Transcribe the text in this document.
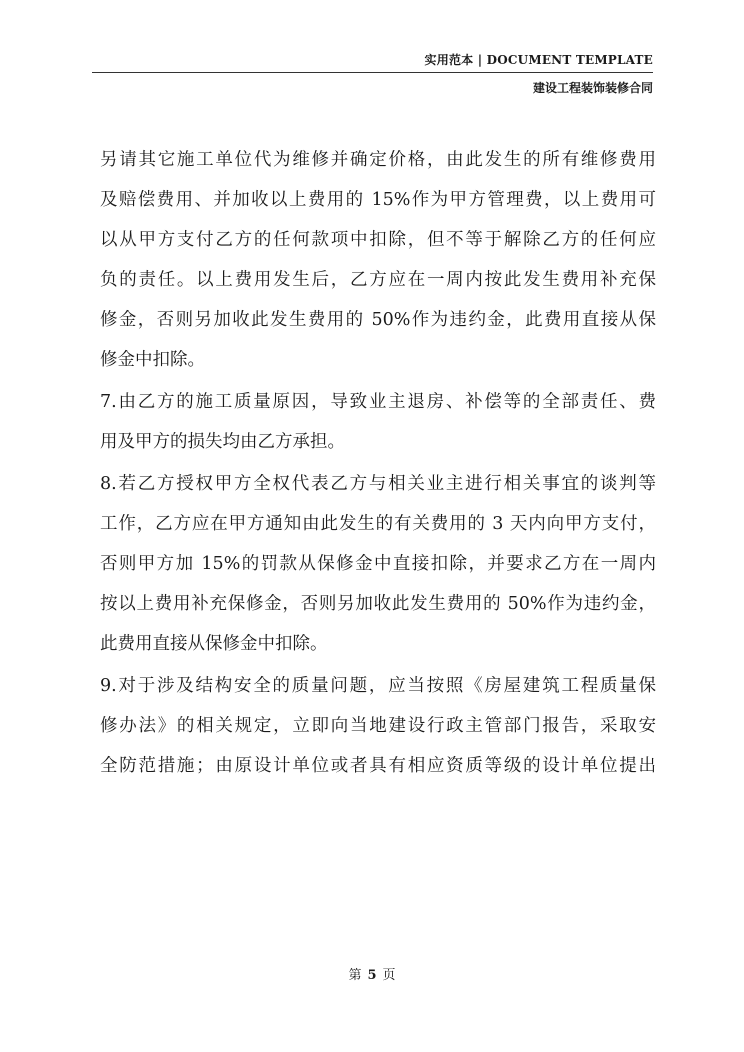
实用范本 | DOCUMENT TEMPLATE
建设工程装饰装修合同
另请其它施工单位代为维修并确定价格，由此发生的所有维修费用
及赔偿费用、并加收以上费用的 15%作为甲方管理费，以上费用可
以从甲方支付乙方的任何款项中扣除，但不等于解除乙方的任何应
负的责任。以上费用发生后，乙方应在一周内按此发生费用补充保
修金，否则另加收此发生费用的 50%作为违约金，此费用直接从保
修金中扣除。
7.由乙方的施工质量原因，导致业主退房、补偿等的全部责任、费
用及甲方的损失均由乙方承担。
8.若乙方授权甲方全权代表乙方与相关业主进行相关事宜的谈判等
工作，乙方应在甲方通知由此发生的有关费用的 3 天内向甲方支付，
否则甲方加 15%的罚款从保修金中直接扣除，并要求乙方在一周内
按以上费用补充保修金，否则另加收此发生费用的 50%作为违约金，
此费用直接从保修金中扣除。
9.对于涉及结构安全的质量问题，应当按照《房屋建筑工程质量保
修办法》的相关规定，立即向当地建设行政主管部门报告，采取安
全防范措施；由原设计单位或者具有相应资质等级的设计单位提出
第 5 页
